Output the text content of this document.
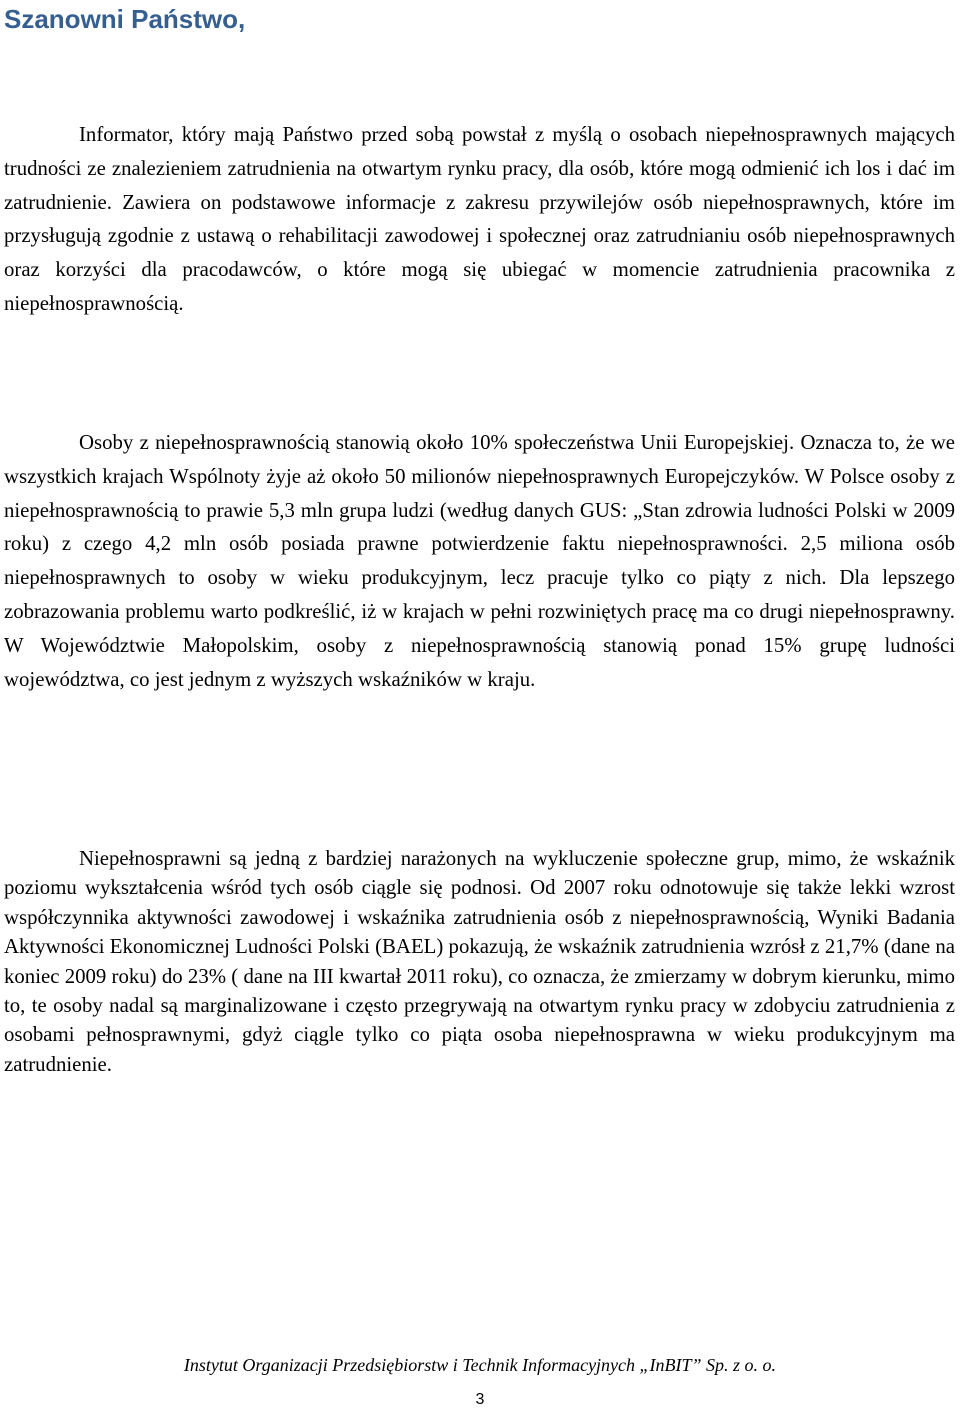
Szanowni Państwo,

Informator, który mają Państwo przed sobą powstał z myślą o osobach niepełnosprawnych mających trudności ze znalezieniem zatrudnienia na otwartym rynku pracy, dla osób, które mogą odmienić ich los i dać im zatrudnienie. Zawiera on podstawowe informacje z zakresu przywilejów osób niepełnosprawnych, które im przysługują zgodnie z ustawą o rehabilitacji zawodowej i społecznej oraz zatrudnianiu osób niepełnosprawnych oraz korzyści dla pracodawców, o które mogą się ubiegać w momencie zatrudnienia pracownika z niepełnosprawnością.

Osoby z niepełnosprawnością stanowią około 10% społeczeństwa Unii Europejskiej. Oznacza to, że we wszystkich krajach Wspólnoty żyje aż około 50 milionów niepełnosprawnych Europejczyków. W Polsce osoby z niepełnosprawnością to prawie 5,3 mln grupa ludzi (według danych GUS: „Stan zdrowia ludności Polski w 2009 roku) z czego 4,2 mln osób posiada prawne potwierdzenie faktu niepełnosprawności. 2,5 miliona osób niepełnosprawnych to osoby w wieku produkcyjnym, lecz pracuje tylko co piąty z nich. Dla lepszego zobrazowania problemu warto podkreślić, iż w krajach w pełni rozwiniętych pracę ma co drugi niepełnosprawny. W Województwie Małopolskim, osoby z niepełnosprawnością stanowią ponad 15% grupę ludności województwa, co jest jednym z wyższych wskaźników w kraju.

Niepełnosprawni są jedną z bardziej narażonych na wykluczenie społeczne grup, mimo, że wskaźnik poziomu wykształcenia wśród tych osób ciągle się podnosi. Od 2007 roku odnotowuje się także lekki wzrost współczynnika aktywności zawodowej i wskaźnika zatrudnienia osób z niepełnosprawnością, Wyniki Badania Aktywności Ekonomicznej Ludności Polski (BAEL) pokazują, że wskaźnik zatrudnienia wzrósł z 21,7% (dane na koniec 2009 roku) do 23% ( dane na III kwartał 2011 roku), co oznacza, że zmierzamy w dobrym kierunku, mimo to, te osoby nadal są marginalizowane i często przegrywają na otwartym rynku pracy w zdobyciu zatrudnienia z osobami pełnosprawnymi, gdyż ciągle tylko co piąta osoba niepełnosprawna w wieku produkcyjnym ma zatrudnienie.

Instytut Organizacji Przedsiębiorstw i Technik Informacyjnych „InBIT” Sp. z o. o.

3
